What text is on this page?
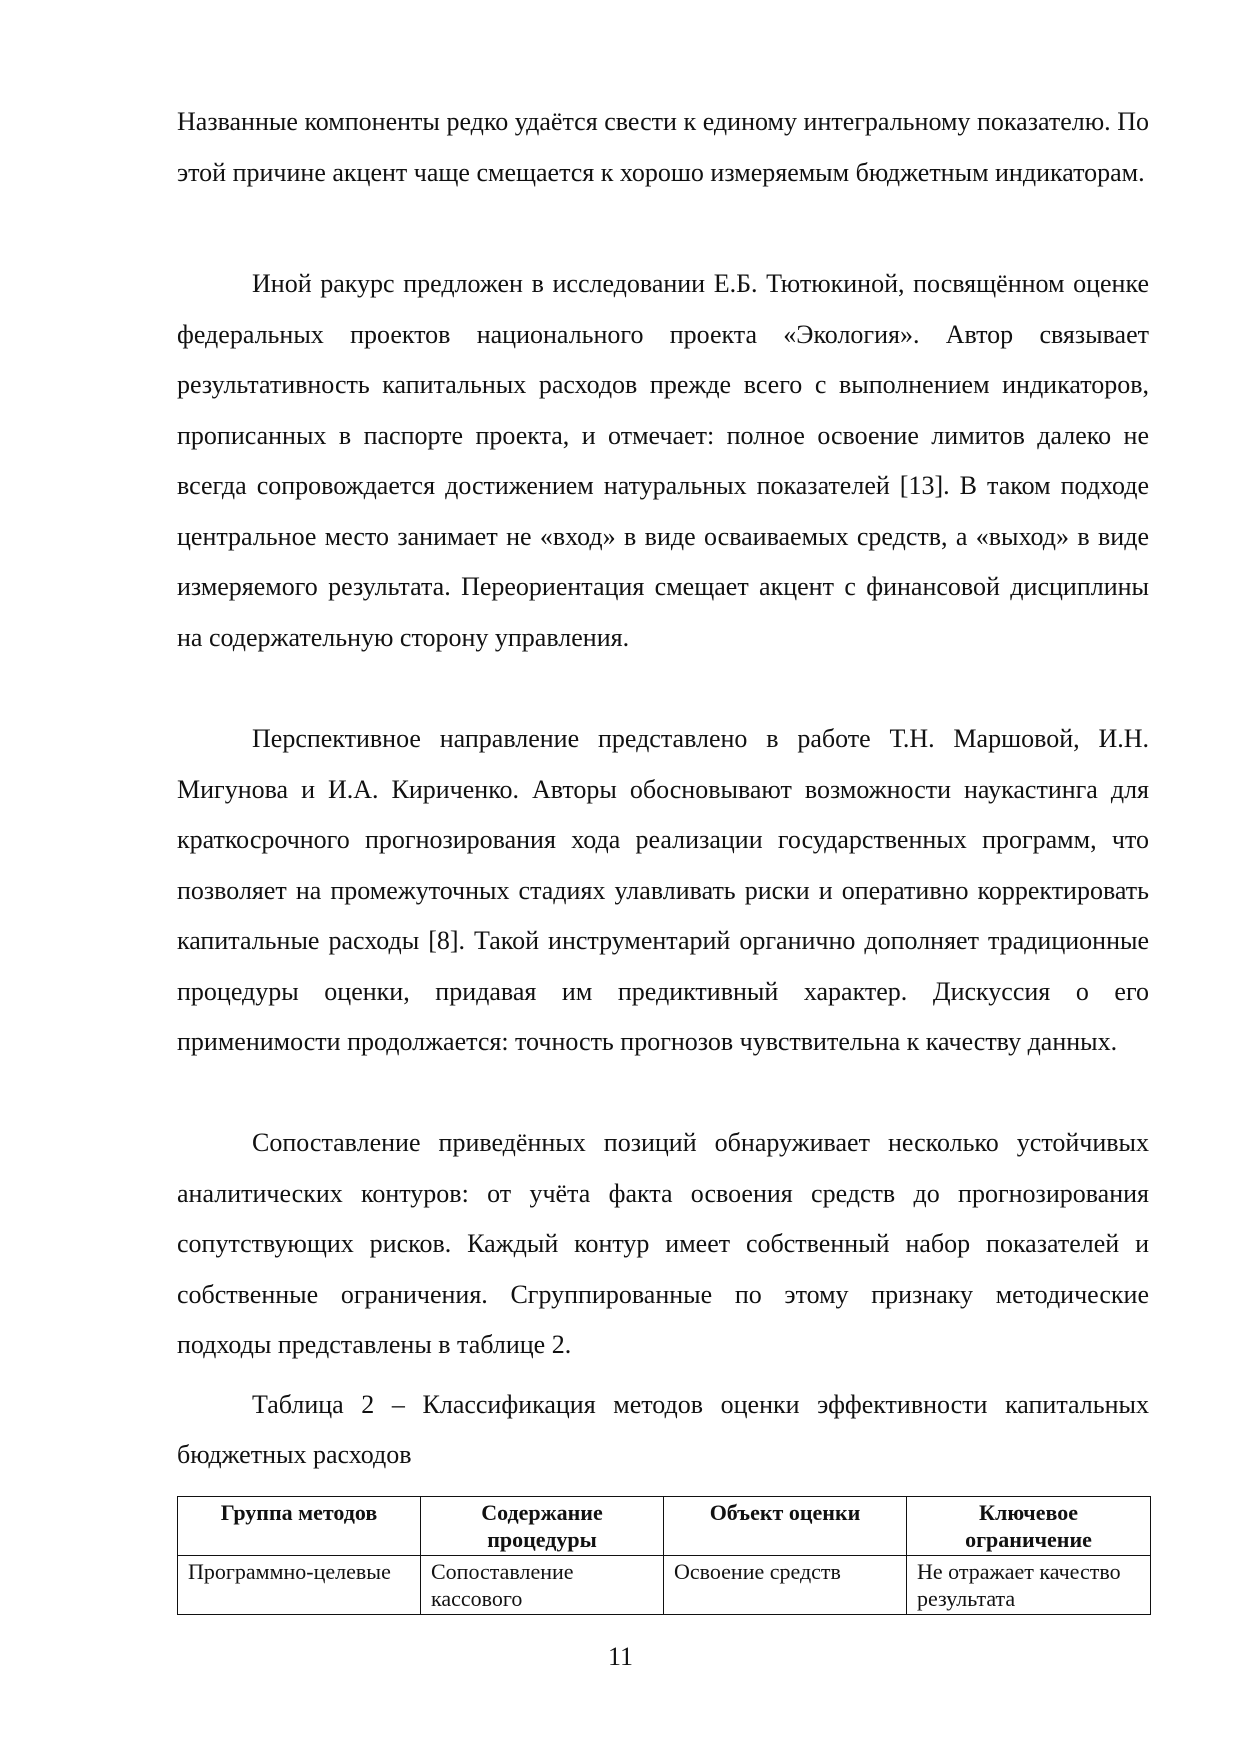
Названные компоненты редко удаётся свести к единому интегральному показателю. По этой причине акцент чаще смещается к хорошо измеряемым бюджетным индикаторам.

Иной ракурс предложен в исследовании Е.Б. Тютюкиной, посвящённом оценке федеральных проектов национального проекта «Экология». Автор связывает результативность капитальных расходов прежде всего с выполнением индикаторов, прописанных в паспорте проекта, и отмечает: полное освоение лимитов далеко не всегда сопровождается достижением натуральных показателей [13]. В таком подходе центральное место занимает не «вход» в виде осваиваемых средств, а «выход» в виде измеряемого результата. Переориентация смещает акцент с финансовой дисциплины на содержательную сторону управления.

Перспективное направление представлено в работе Т.Н. Маршовой, И.Н. Мигунова и И.А. Кириченко. Авторы обосновывают возможности наукастинга для краткосрочного прогнозирования хода реализации государственных программ, что позволяет на промежуточных стадиях улавливать риски и оперативно корректировать капитальные расходы [8]. Такой инструментарий органично дополняет традиционные процедуры оценки, придавая им предиктивный характер. Дискуссия о его применимости продолжается: точность прогнозов чувствительна к качеству данных.

Сопоставление приведённых позиций обнаруживает несколько устойчивых аналитических контуров: от учёта факта освоения средств до прогнозирования сопутствующих рисков. Каждый контур имеет собственный набор показателей и собственные ограничения. Сгруппированные по этому признаку методические подходы представлены в таблице 2.

Таблица 2 – Классификация методов оценки эффективности капитальных бюджетных расходов

Группа методов	Содержание процедуры	Объект оценки	Ключевое ограничение
Программно-целевые	Сопоставление кассового	Освоение средств	Не отражает качество результата
11
